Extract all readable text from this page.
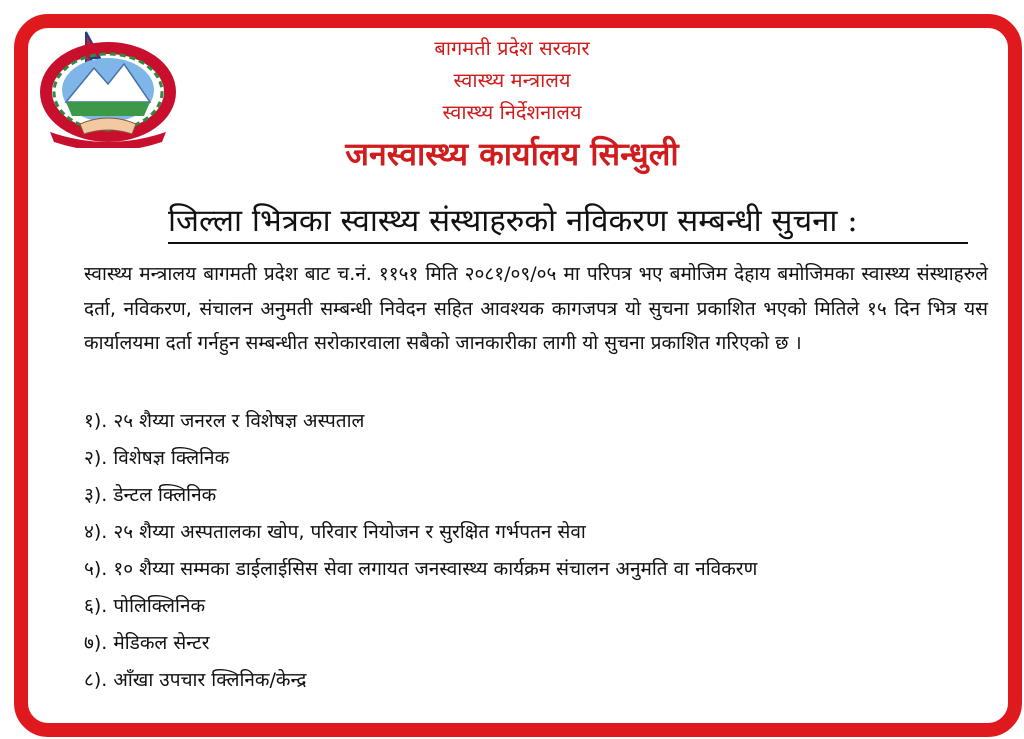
बागमती प्रदेश सरकार
स्वास्थ्य मन्त्रालय
स्वास्थ्य निर्देशनालय
जनस्वास्थ्य कार्यालय सिन्धुली
जिल्ला भित्रका स्वास्थ्य संस्थाहरुको नविकरण सम्बन्धी सुचना :

स्वास्थ्य मन्त्रालय बागमती प्रदेश बाट च.नं. ११५१ मिति २०८१/०९/०५ मा परिपत्र भए बमोजिम देहाय बमोजिमका स्वास्थ्य संस्थाहरुले दर्ता, नविकरण, संचालन अनुमती सम्बन्धी निवेदन सहित आवश्यक कागजपत्र यो सुचना प्रकाशित भएको मितिले १५ दिन भित्र यस कार्यालयमा दर्ता गर्नहुन सम्बन्धीत सरोकारवाला सबैको जानकारीका लागी यो सुचना प्रकाशित गरिएको छ ।

१). २५ शैय्या जनरल र विशेषज्ञ अस्पताल
२). विशेषज्ञ क्लिनिक
३). डेन्टल क्लिनिक
४). २५ शैय्या अस्पतालका खोप, परिवार नियोजन र सुरक्षित गर्भपतन सेवा
५). १० शैय्या सम्मका डाईलाईसिस सेवा लगायत जनस्वास्थ्य कार्यक्रम संचालन अनुमति वा नविकरण
६). पोलिक्लिनिक
७). मेडिकल सेन्टर
८). आँखा उपचार क्लिनिक/केन्द्र
